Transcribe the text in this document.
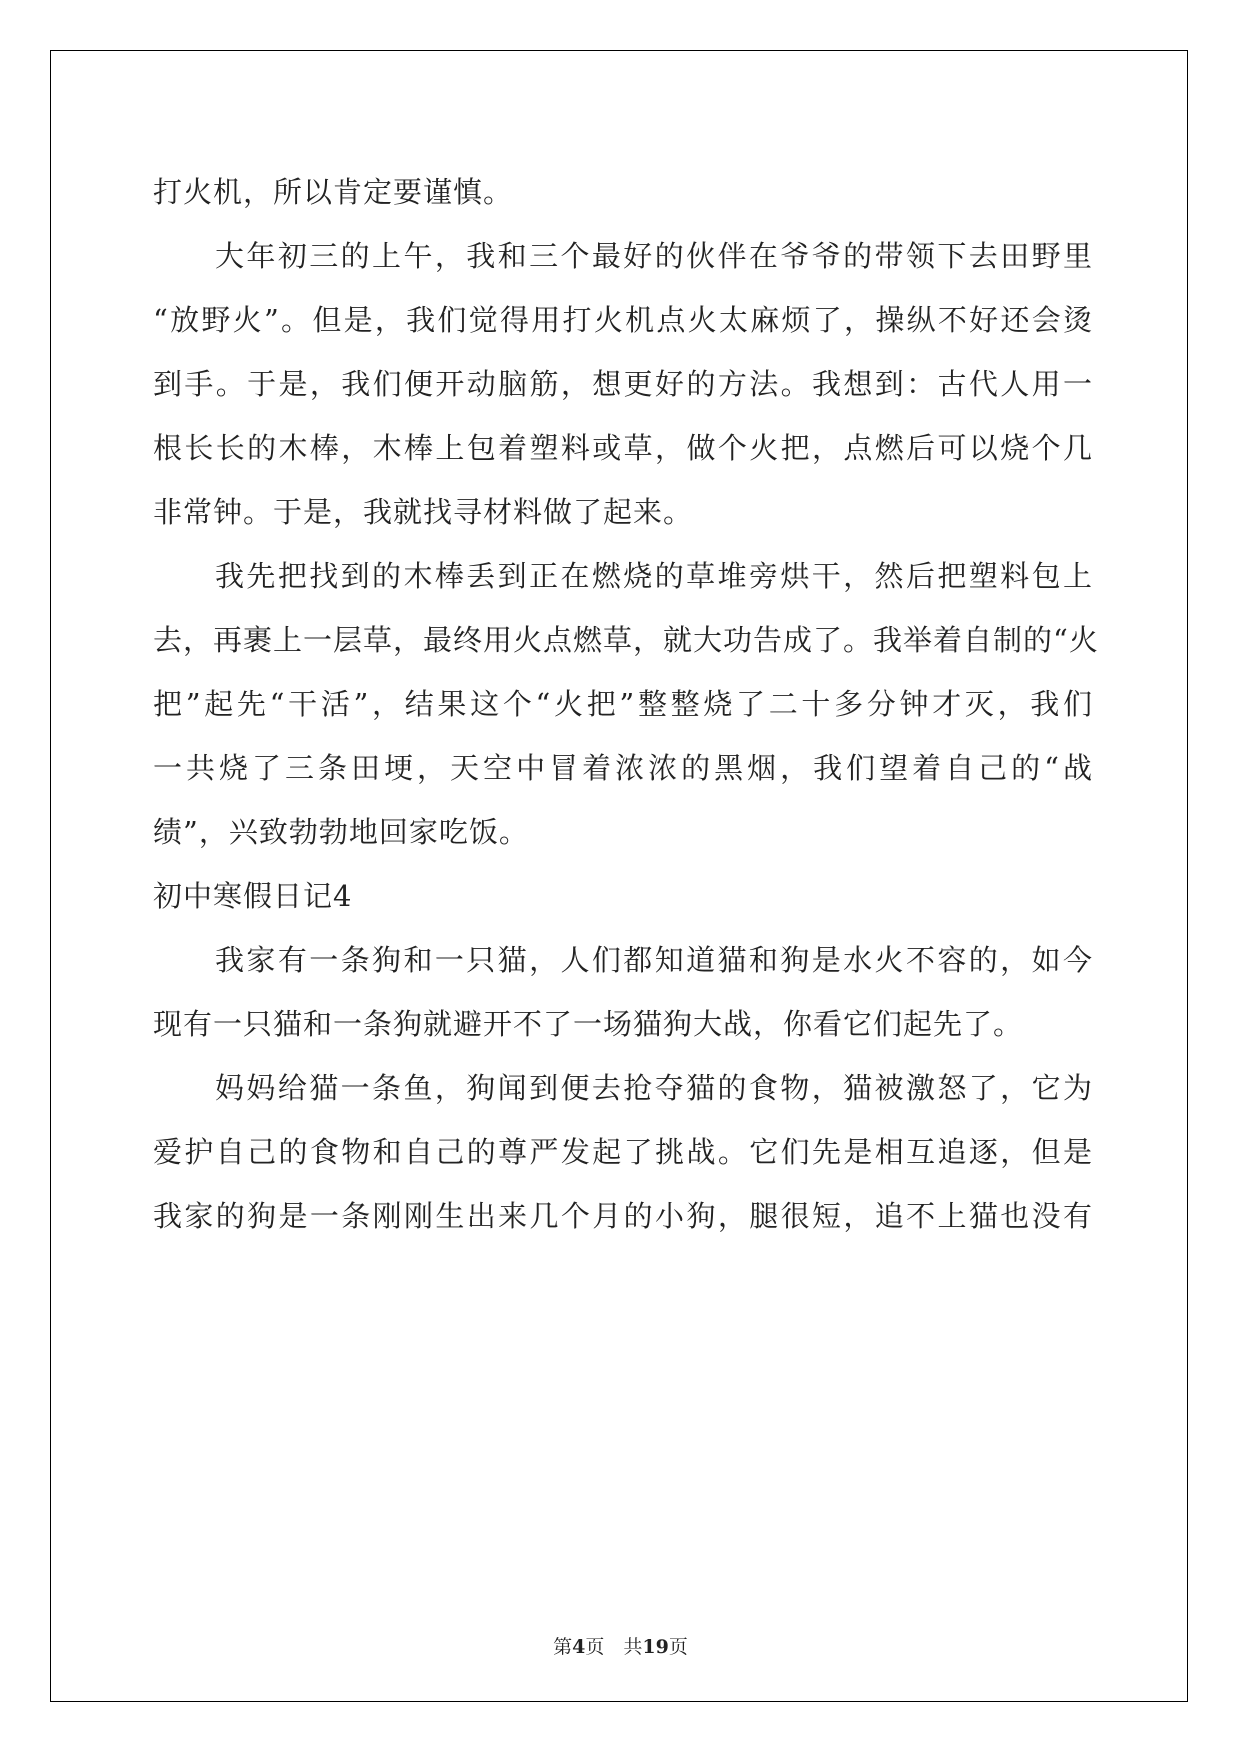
打火机，所以肯定要谨慎。
大年初三的上午，我和三个最好的伙伴在爷爷的带领下去田野里
“放野火”。但是，我们觉得用打火机点火太麻烦了，操纵不好还会烫
到手。于是，我们便开动脑筋，想更好的方法。我想到：古代人用一
根长长的木棒，木棒上包着塑料或草，做个火把，点燃后可以烧个几
非常钟。于是，我就找寻材料做了起来。
我先把找到的木棒丢到正在燃烧的草堆旁烘干，然后把塑料包上
去，再裹上一层草，最终用火点燃草，就大功告成了。我举着自制的“火
把”起先“干活”，结果这个“火把”整整烧了二十多分钟才灭，我们
一共烧了三条田埂，天空中冒着浓浓的黑烟，我们望着自己的“战
绩”，兴致勃勃地回家吃饭。
初中寒假日记4
我家有一条狗和一只猫，人们都知道猫和狗是水火不容的，如今
现有一只猫和一条狗就避开不了一场猫狗大战，你看它们起先了。
妈妈给猫一条鱼，狗闻到便去抢夺猫的食物，猫被激怒了，它为
爱护自己的食物和自己的尊严发起了挑战。它们先是相互追逐，但是
我家的狗是一条刚刚生出来几个月的小狗，腿很短，追不上猫也没有
第4页　共19页
